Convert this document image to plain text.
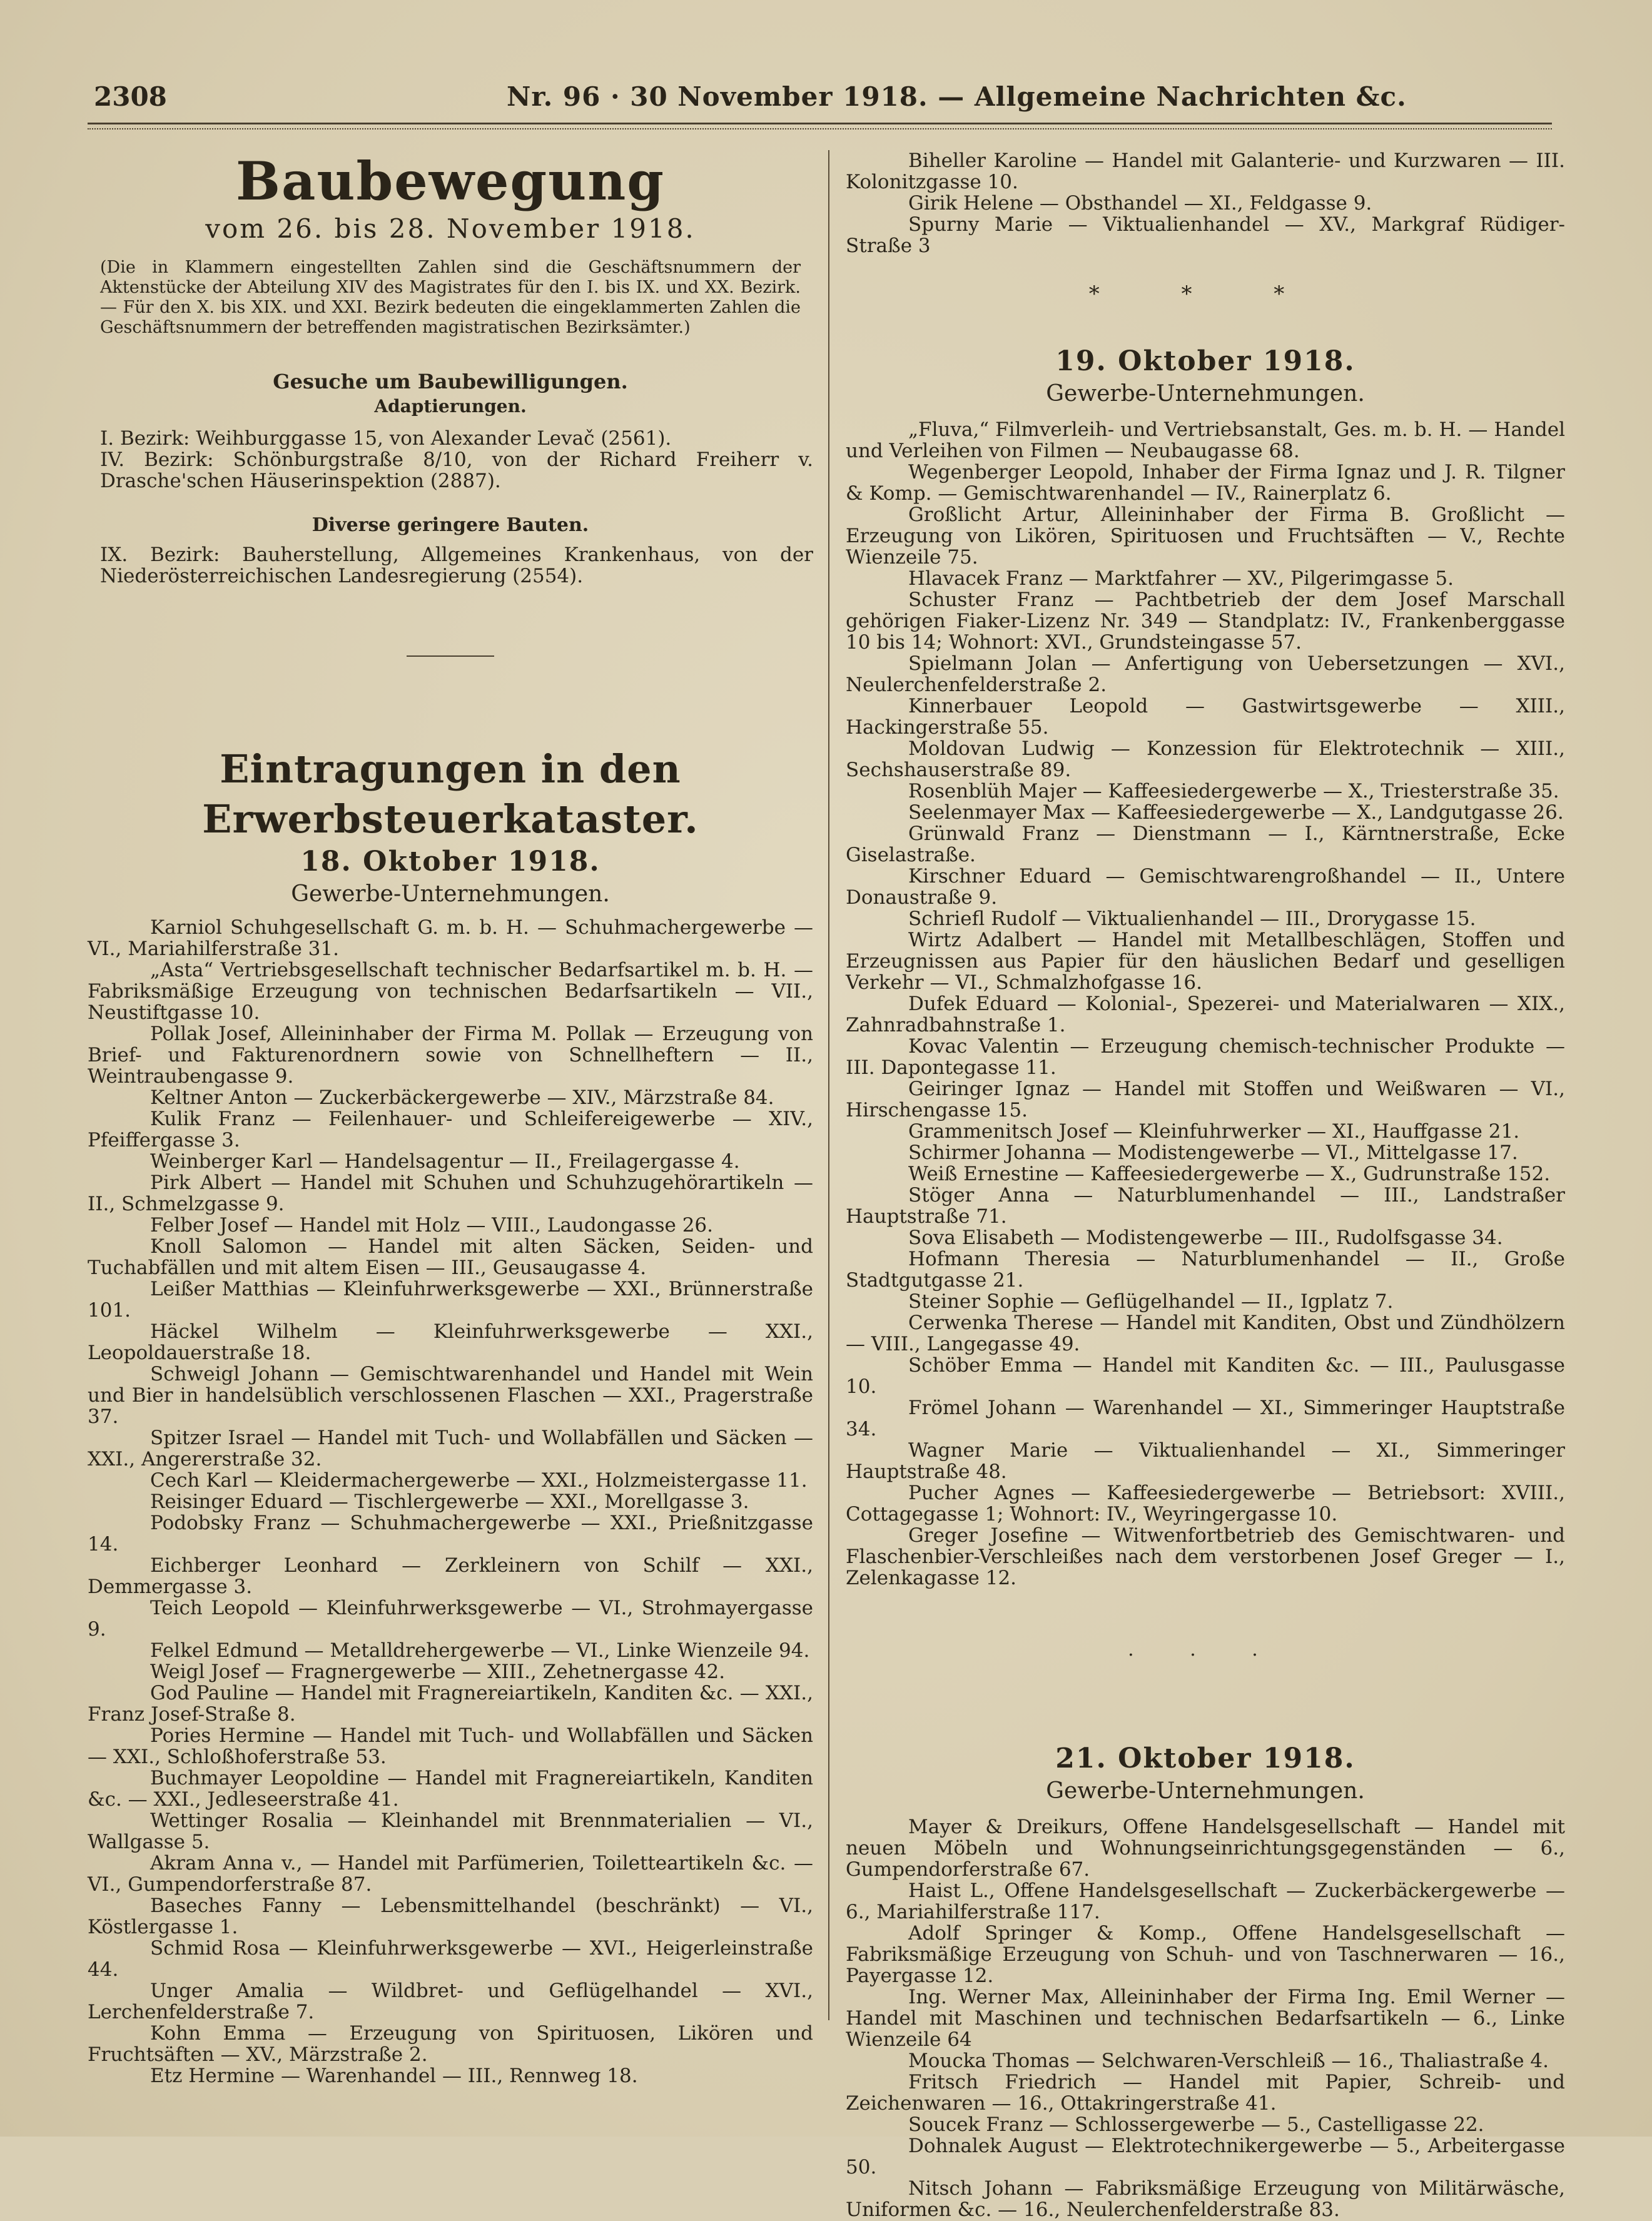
2308	Nr. 96 · 30 November 1918. — Allgemeine Nachrichten &c.
Baubewegung
vom 26. bis 28. November 1918.

(Die in Klammern eingestellten Zahlen sind die Geschäftsnummern der Aktenstücke der Abteilung XIV des Magistrates für den I. bis IX. und XX. Bezirk. — Für den X. bis XIX. und XXI. Bezirk bedeuten die eingeklammerten Zahlen die Geschäftsnummern der betreffenden magistratischen Bezirksämter.)

Gesuche um Baubewilligungen.
Adaptierungen.

I. Bezirk: Weihburggasse 15, von Alexander Levač (2561).

IV. Bezirk: Schönburgstraße 8/10, von der Richard Freiherr v. Drasche'schen Häuserinspektion (2887).

Diverse geringere Bauten.

IX. Bezirk: Bauherstellung, Allgemeines Krankenhaus, von der Niederösterreichischen Landesregierung (2554).

Eintragungen in den Erwerbsteuerkataster.
18. Oktober 1918.
Gewerbe-Unternehmungen.

Karniol Schuhgesellschaft G. m. b. H. — Schuhmachergewerbe — VI., Mariahilferstraße 31.

„Asta“ Vertriebsgesellschaft technischer Bedarfsartikel m. b. H. — Fabriksmäßige Erzeugung von technischen Bedarfsartikeln — VII., Neustiftgasse 10.

Pollak Josef, Alleininhaber der Firma M. Pollak — Erzeugung von Brief- und Fakturenordnern sowie von Schnellheftern — II., Weintraubengasse 9.

Keltner Anton — Zuckerbäckergewerbe — XIV., Märzstraße 84.

Kulik Franz — Feilenhauer- und Schleifereigewerbe — XIV., Pfeiffergasse 3.

Weinberger Karl — Handelsagentur — II., Freilagergasse 4.

Pirk Albert — Handel mit Schuhen und Schuhzugehörartikeln — II., Schmelzgasse 9.

Felber Josef — Handel mit Holz — VIII., Laudongasse 26.

Knoll Salomon — Handel mit alten Säcken, Seiden- und Tuchabfällen und mit altem Eisen — III., Geusaugasse 4.

Leißer Matthias — Kleinfuhrwerksgewerbe — XXI., Brünnerstraße 101.

Häckel Wilhelm — Kleinfuhrwerksgewerbe — XXI., Leopoldauerstraße 18.

Schweigl Johann — Gemischtwarenhandel und Handel mit Wein und Bier in handelsüblich verschlossenen Flaschen — XXI., Pragerstraße 37.

Spitzer Israel — Handel mit Tuch- und Wollabfällen und Säcken — XXI., Angererstraße 32.

Cech Karl — Kleidermachergewerbe — XXI., Holzmeistergasse 11.

Reisinger Eduard — Tischlergewerbe — XXI., Morellgasse 3.

Podobsky Franz — Schuhmachergewerbe — XXI., Prießnitzgasse 14.

Eichberger Leonhard — Zerkleinern von Schilf — XXI., Demmergasse 3.

Teich Leopold — Kleinfuhrwerksgewerbe — VI., Strohmayergasse 9.

Felkel Edmund — Metalldrehergewerbe — VI., Linke Wienzeile 94.

Weigl Josef — Fragnergewerbe — XIII., Zehetnergasse 42.

God Pauline — Handel mit Fragnereiartikeln, Kanditen &c. — XXI., Franz Josef-Straße 8.

Pories Hermine — Handel mit Tuch- und Wollabfällen und Säcken — XXI., Schloßhoferstraße 53.

Buchmayer Leopoldine — Handel mit Fragnereiartikeln, Kanditen &c. — XXI., Jedleseerstraße 41.

Wettinger Rosalia — Kleinhandel mit Brennmaterialien — VI., Wallgasse 5.

Akram Anna v., — Handel mit Parfümerien, Toiletteartikeln &c. — VI., Gumpendorferstraße 87.

Baseches Fanny — Lebensmittelhandel (beschränkt) — VI., Köstlergasse 1.

Schmid Rosa — Kleinfuhrwerksgewerbe — XVI., Heigerleinstraße 44.

Unger Amalia — Wildbret- und Geflügelhandel — XVI., Lerchenfelderstraße 7.

Kohn Emma — Erzeugung von Spirituosen, Likören und Fruchtsäften — XV., Märzstraße 2.

Etz Hermine — Warenhandel — III., Rennweg 18.

Biheller Karoline — Handel mit Galanterie- und Kurzwaren — III. Kolonitzgasse 10.

Girik Helene — Obsthandel — XI., Feldgasse 9.

Spurny Marie — Viktualienhandel — XV., Markgraf Rüdiger-Straße 3

* * *
19. Oktober 1918.
Gewerbe-Unternehmungen.

„Fluva,“ Filmverleih- und Vertriebsanstalt, Ges. m. b. H. — Handel und Verleihen von Filmen — Neubaugasse 68.

Wegenberger Leopold, Inhaber der Firma Ignaz und J. R. Tilgner & Komp. — Gemischtwarenhandel — IV., Rainerplatz 6.

Großlicht Artur, Alleininhaber der Firma B. Großlicht — Erzeugung von Likören, Spirituosen und Fruchtsäften — V., Rechte Wienzeile 75.

Hlavacek Franz — Marktfahrer — XV., Pilgerimgasse 5.

Schuster Franz — Pachtbetrieb der dem Josef Marschall gehörigen Fiaker-Lizenz Nr. 349 — Standplatz: IV., Frankenberggasse 10 bis 14; Wohnort: XVI., Grundsteingasse 57.

Spielmann Jolan — Anfertigung von Uebersetzungen — XVI., Neulerchenfelderstraße 2.

Kinnerbauer Leopold — Gastwirtsgewerbe — XIII., Hackingerstraße 55.

Moldovan Ludwig — Konzession für Elektrotechnik — XIII., Sechshauserstraße 89.

Rosenblüh Majer — Kaffeesiedergewerbe — X., Triesterstraße 35.

Seelenmayer Max — Kaffeesiedergewerbe — X., Landgutgasse 26.

Grünwald Franz — Dienstmann — I., Kärntnerstraße, Ecke Giselastraße.

Kirschner Eduard — Gemischtwarengroßhandel — II., Untere Donaustraße 9.

Schriefl Rudolf — Viktualienhandel — III., Drorygasse 15.

Wirtz Adalbert — Handel mit Metallbeschlägen, Stoffen und Erzeugnissen aus Papier für den häuslichen Bedarf und geselligen Verkehr — VI., Schmalzhofgasse 16.

Dufek Eduard — Kolonial-, Spezerei- und Materialwaren — XIX., Zahnradbahnstraße 1.

Kovac Valentin — Erzeugung chemisch-technischer Produkte — III. Dapontegasse 11.

Geiringer Ignaz — Handel mit Stoffen und Weißwaren — VI., Hirschengasse 15.

Grammenitsch Josef — Kleinfuhrwerker — XI., Hauffgasse 21.

Schirmer Johanna — Modistengewerbe — VI., Mittelgasse 17.

Weiß Ernestine — Kaffeesiedergewerbe — X., Gudrunstraße 152.

Stöger Anna — Naturblumenhandel — III., Landstraßer Hauptstraße 71.

Sova Elisabeth — Modistengewerbe — III., Rudolfsgasse 34.

Hofmann Theresia — Naturblumenhandel — II., Große Stadtgutgasse 21.

Steiner Sophie — Geflügelhandel — II., Igplatz 7.

Cerwenka Therese — Handel mit Kanditen, Obst und Zündhölzern — VIII., Langegasse 49.

Schöber Emma — Handel mit Kanditen &c. — III., Paulusgasse 10.

Frömel Johann — Warenhandel — XI., Simmeringer Hauptstraße 34.

Wagner Marie — Viktualienhandel — XI., Simmeringer Hauptstraße 48.

Pucher Agnes — Kaffeesiedergewerbe — Betriebsort: XVIII., Cottagegasse 1; Wohnort: IV., Weyringergasse 10.

Greger Josefine — Witwenfortbetrieb des Gemischtwaren- und Flaschenbier-Verschleißes nach dem verstorbenen Josef Greger — I., Zelenkagasse 12.

· · ·
21. Oktober 1918.
Gewerbe-Unternehmungen.

Mayer & Dreikurs, Offene Handelsgesellschaft — Handel mit neuen Möbeln und Wohnungseinrichtungsgegenständen — 6., Gumpendorferstraße 67.

Haist L., Offene Handelsgesellschaft — Zuckerbäckergewerbe — 6., Mariahilferstraße 117.

Adolf Springer & Komp., Offene Handelsgesellschaft — Fabriksmäßige Erzeugung von Schuh- und von Taschnerwaren — 16., Payergasse 12.

Ing. Werner Max, Alleininhaber der Firma Ing. Emil Werner — Handel mit Maschinen und technischen Bedarfsartikeln — 6., Linke Wienzeile 64

Moucka Thomas — Selchwaren-Verschleiß — 16., Thaliastraße 4.

Fritsch Friedrich — Handel mit Papier, Schreib- und Zeichenwaren — 16., Ottakringerstraße 41.

Soucek Franz — Schlossergewerbe — 5., Castelligasse 22.

Dohnalek August — Elektrotechnikergewerbe — 5., Arbeitergasse 50.

Nitsch Johann — Fabriksmäßige Erzeugung von Militärwäsche, Uniformen &c. — 16., Neulerchenfelderstraße 83.
